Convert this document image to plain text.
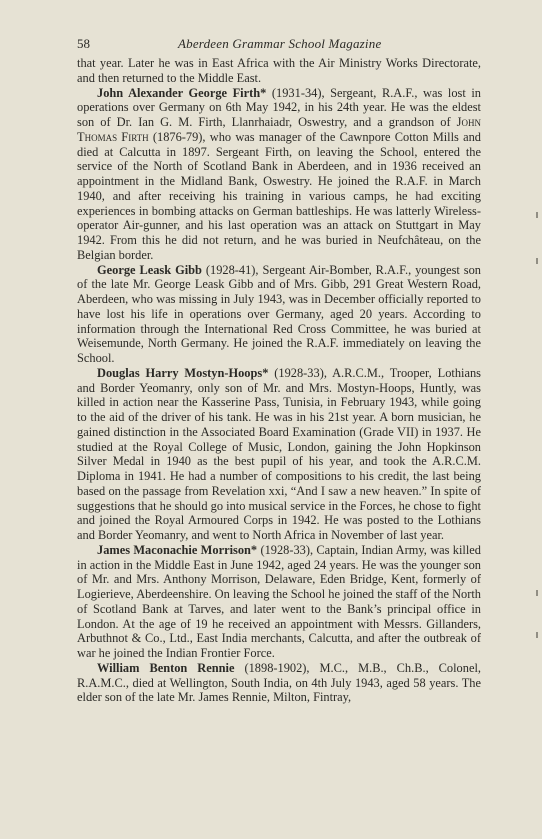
58	Aberdeen Grammar School Magazine

that year. Later he was in East Africa with the Air Ministry Works Directorate, and then returned to the Middle East.

John Alexander George Firth* (1931-34), Sergeant, R.A.F., was lost in operations over Germany on 6th May 1942, in his 24th year. He was the eldest son of Dr. Ian G. M. Firth, Llanrhaiadr, Oswestry, and a grandson of John Thomas Firth (1876-79), who was manager of the Cawnpore Cotton Mills and died at Calcutta in 1897. Sergeant Firth, on leaving the School, entered the service of the North of Scotland Bank in Aberdeen, and in 1936 received an appointment in the Midland Bank, Oswestry. He joined the R.A.F. in March 1940, and after receiving his training in various camps, he had exciting experiences in bombing attacks on German battleships. He was latterly Wireless-operator Air-gunner, and his last operation was an attack on Stuttgart in May 1942. From this he did not return, and he was buried in Neufchâteau, on the Belgian border.

George Leask Gibb (1928-41), Sergeant Air-Bomber, R.A.F., youngest son of the late Mr. George Leask Gibb and of Mrs. Gibb, 291 Great Western Road, Aberdeen, who was missing in July 1943, was in December officially reported to have lost his life in operations over Germany, aged 20 years. According to information through the International Red Cross Committee, he was buried at Weisemunde, North Germany. He joined the R.A.F. immediately on leaving the School.

Douglas Harry Mostyn-Hoops* (1928-33), A.R.C.M., Trooper, Lothians and Border Yeomanry, only son of Mr. and Mrs. Mostyn-Hoops, Huntly, was killed in action near the Kasserine Pass, Tunisia, in February 1943, while going to the aid of the driver of his tank. He was in his 21st year. A born musician, he gained distinction in the Associated Board Examination (Grade VII) in 1937. He studied at the Royal College of Music, London, gaining the John Hopkinson Silver Medal in 1940 as the best pupil of his year, and took the A.R.C.M. Diploma in 1941. He had a number of compositions to his credit, the last being based on the passage from Revelation xxi, “And I saw a new heaven.” In spite of suggestions that he should go into musical service in the Forces, he chose to fight and joined the Royal Armoured Corps in 1942. He was posted to the Lothians and Border Yeomanry, and went to North Africa in November of last year.

James Maconachie Morrison* (1928-33), Captain, Indian Army, was killed in action in the Middle East in June 1942, aged 24 years. He was the younger son of Mr. and Mrs. Anthony Morrison, Delaware, Eden Bridge, Kent, formerly of Logierieve, Aberdeenshire. On leaving the School he joined the staff of the North of Scotland Bank at Tarves, and later went to the Bank’s principal office in London. At the age of 19 he received an appointment with Messrs. Gillanders, Arbuthnot & Co., Ltd., East India merchants, Calcutta, and after the outbreak of war he joined the Indian Frontier Force.

William Benton Rennie (1898-1902), M.C., M.B., Ch.B., Colonel, R.A.M.C., died at Wellington, South India, on 4th July 1943, aged 58 years. The elder son of the late Mr. James Rennie, Milton, Fintray,
